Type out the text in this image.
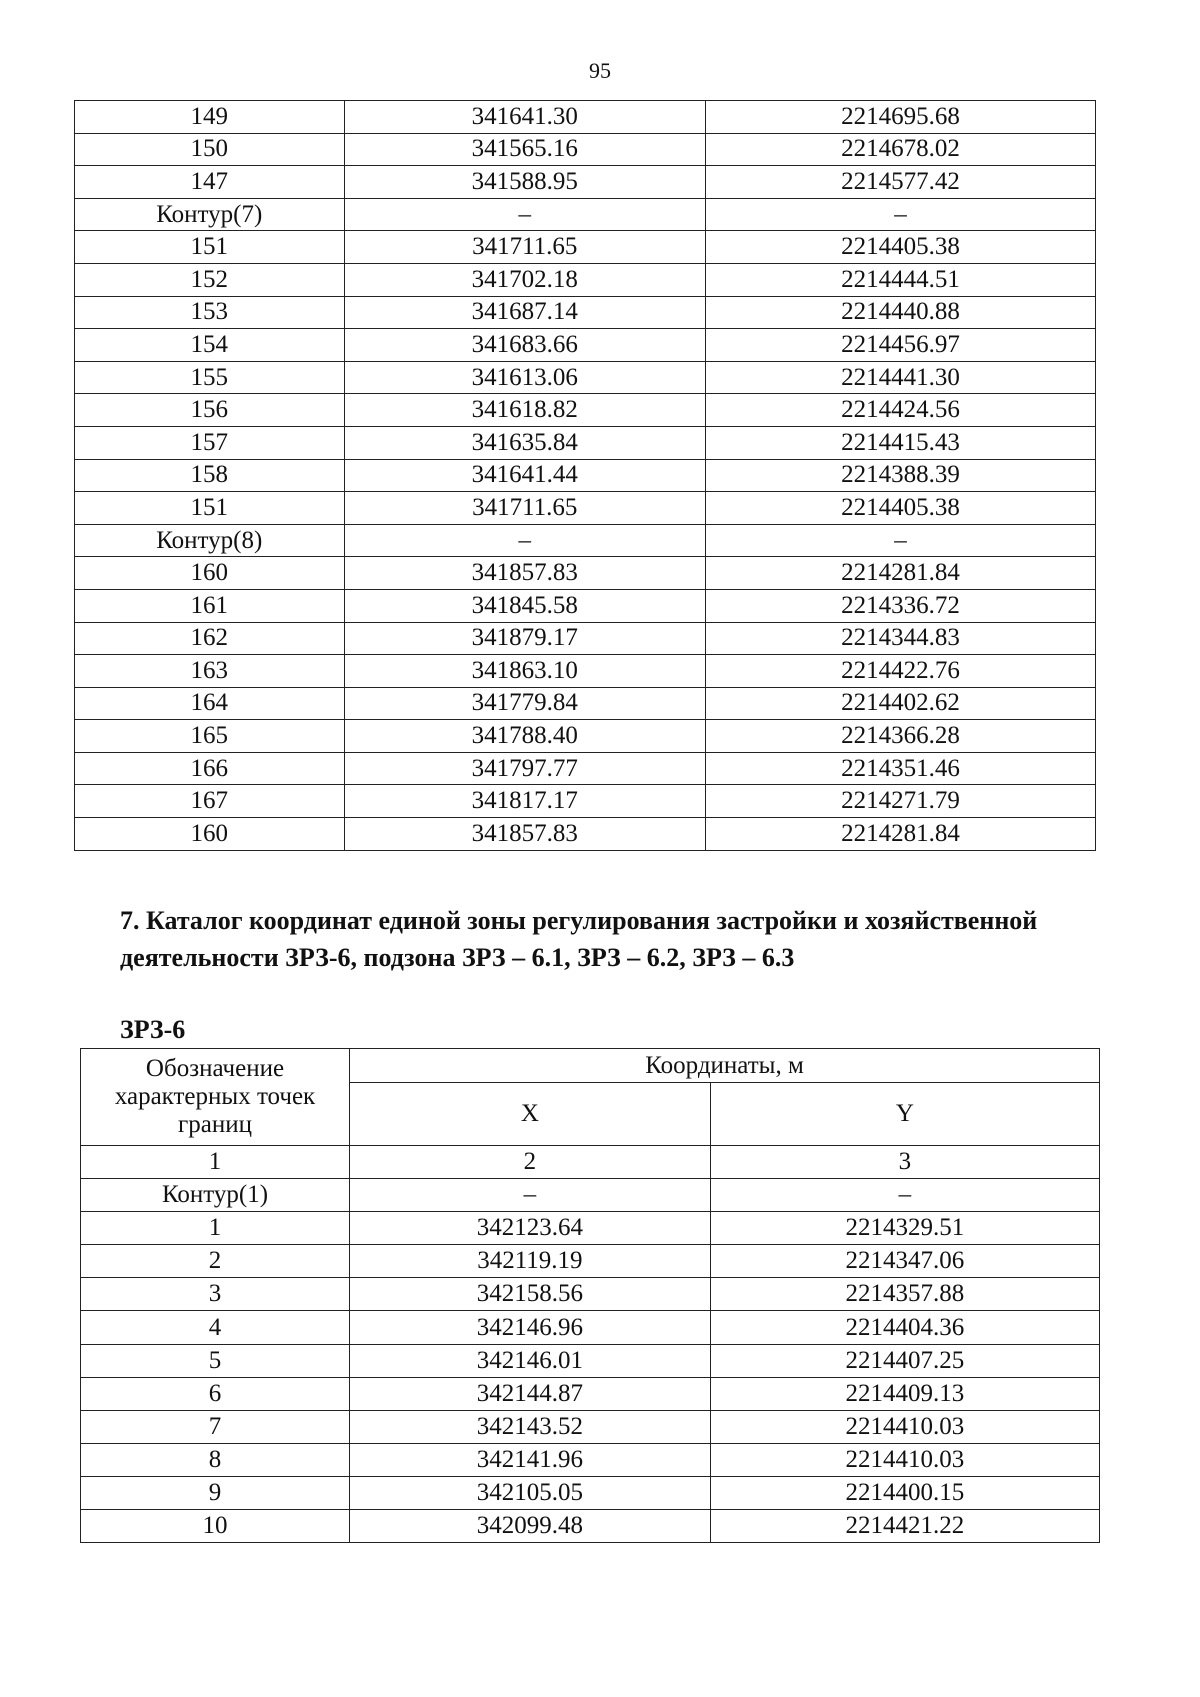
95
149	341641.30	2214695.68
150	341565.16	2214678.02
147	341588.95	2214577.42
Контур(7)	–	–
151	341711.65	2214405.38
152	341702.18	2214444.51
153	341687.14	2214440.88
154	341683.66	2214456.97
155	341613.06	2214441.30
156	341618.82	2214424.56
157	341635.84	2214415.43
158	341641.44	2214388.39
151	341711.65	2214405.38
Контур(8)	–	–
160	341857.83	2214281.84
161	341845.58	2214336.72
162	341879.17	2214344.83
163	341863.10	2214422.76
164	341779.84	2214402.62
165	341788.40	2214366.28
166	341797.77	2214351.46
167	341817.17	2214271.79
160	341857.83	2214281.84
7. Каталог координат единой зоны регулирования застройки и хозяйственной деятельности ЗРЗ-6, подзона ЗРЗ – 6.1, ЗРЗ – 6.2, ЗРЗ – 6.3
ЗРЗ-6
Обозначение характерных точек границ	Координаты, м	
	X	Y
1	2	3
Контур(1)	–	–
1	342123.64	2214329.51
2	342119.19	2214347.06
3	342158.56	2214357.88
4	342146.96	2214404.36
5	342146.01	2214407.25
6	342144.87	2214409.13
7	342143.52	2214410.03
8	342141.96	2214410.03
9	342105.05	2214400.15
10	342099.48	2214421.22
